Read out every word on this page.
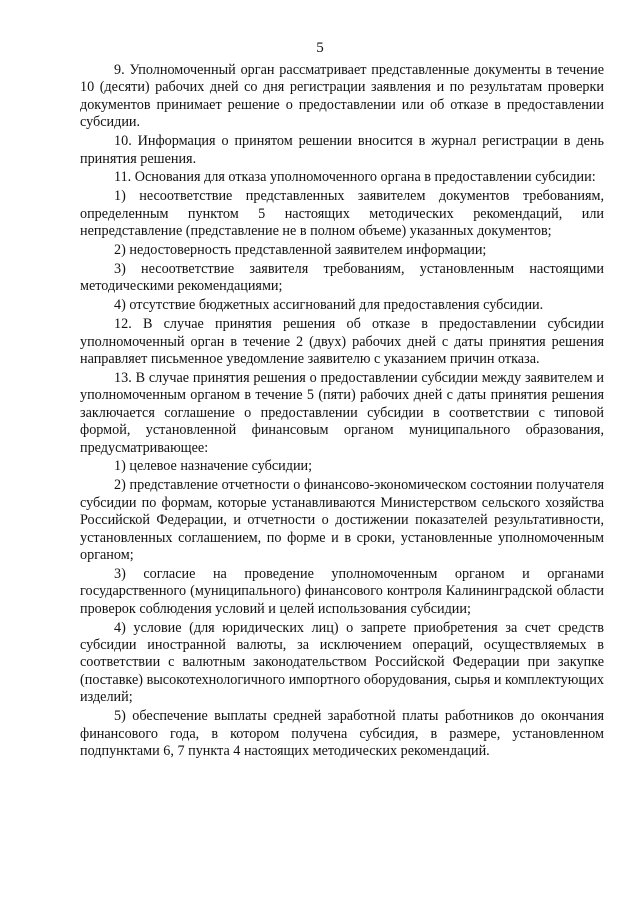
5

9. Уполномоченный орган рассматривает представленные документы в течение 10 (десяти) рабочих дней со дня регистрации заявления и по результатам проверки документов принимает решение о предоставлении или об отказе в предоставлении субсидии.

10. Информация о принятом решении вносится в журнал регистрации в день принятия решения.

11. Основания для отказа уполномоченного органа в предоставлении субсидии:

1) несоответствие представленных заявителем документов требованиям, определенным пунктом 5 настоящих методических рекомендаций, или непредставление (представление не в полном объеме) указанных документов;

2) недостоверность представленной заявителем информации;

3) несоответствие заявителя требованиям, установленным настоящими методическими рекомендациями;

4) отсутствие бюджетных ассигнований для предоставления субсидии.

12. В случае принятия решения об отказе в предоставлении субсидии уполномоченный орган в течение 2 (двух) рабочих дней с даты принятия решения направляет письменное уведомление заявителю с указанием причин отказа.

13. В случае принятия решения о предоставлении субсидии между заявителем и уполномоченным органом в течение 5 (пяти) рабочих дней с даты принятия решения заключается соглашение о предоставлении субсидии в соответствии с типовой формой, установленной финансовым органом муниципального образования, предусматривающее:

1) целевое назначение субсидии;

2) представление отчетности о финансово-экономическом состоянии получателя субсидии по формам, которые устанавливаются Министерством сельского хозяйства Российской Федерации, и отчетности о достижении показателей результативности, установленных соглашением, по форме и в сроки, установленные уполномоченным органом;

3) согласие на проведение уполномоченным органом и органами государственного (муниципального) финансового контроля Калининградской области проверок соблюдения условий и целей использования субсидии;

4) условие (для юридических лиц) о запрете приобретения за счет средств субсидии иностранной валюты, за исключением операций, осуществляемых в соответствии с валютным законодательством Российской Федерации при закупке (поставке) высокотехнологичного импортного оборудования, сырья и комплектующих изделий;

5) обеспечение выплаты средней заработной платы работников до окончания финансового года, в котором получена субсидия, в размере, установленном подпунктами 6, 7 пункта 4 настоящих методических рекомендаций.
